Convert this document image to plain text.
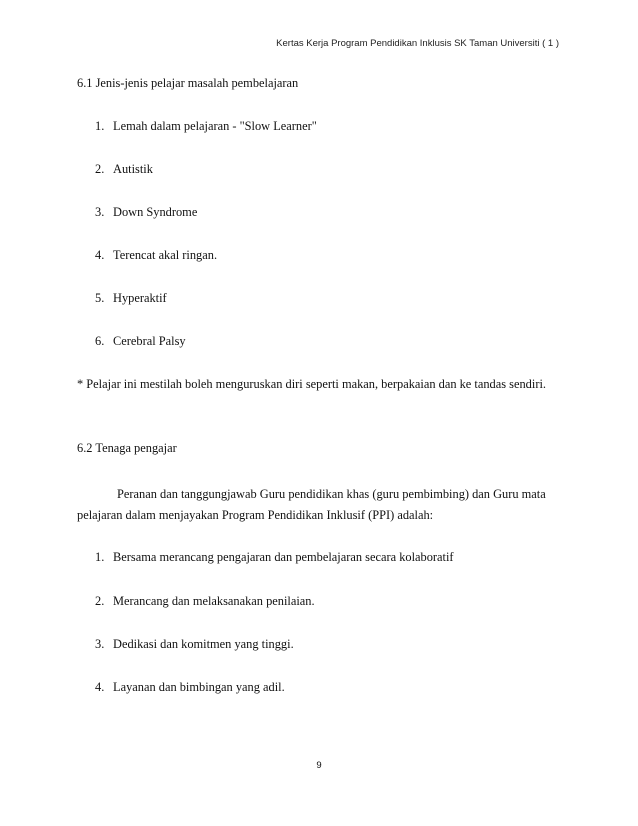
Kertas Kerja Program Pendidikan Inklusis SK Taman Universiti ( 1 )
6.1 Jenis-jenis pelajar masalah pembelajaran
1. Lemah dalam pelajaran - "Slow Learner"
2. Autistik
3. Down Syndrome
4. Terencat akal ringan.
5. Hyperaktif
6. Cerebral Palsy
* Pelajar ini mestilah boleh menguruskan diri seperti makan, berpakaian dan ke tandas sendiri.
6.2 Tenaga pengajar
Peranan dan tanggungjawab Guru pendidikan khas (guru pembimbing) dan Guru mata
pelajaran dalam menjayakan Program Pendidikan Inklusif (PPI) adalah:
1. Bersama merancang pengajaran dan pembelajaran secara kolaboratif
2. Merancang dan melaksanakan penilaian.
3. Dedikasi dan komitmen yang tinggi.
4. Layanan dan bimbingan yang adil.
9
